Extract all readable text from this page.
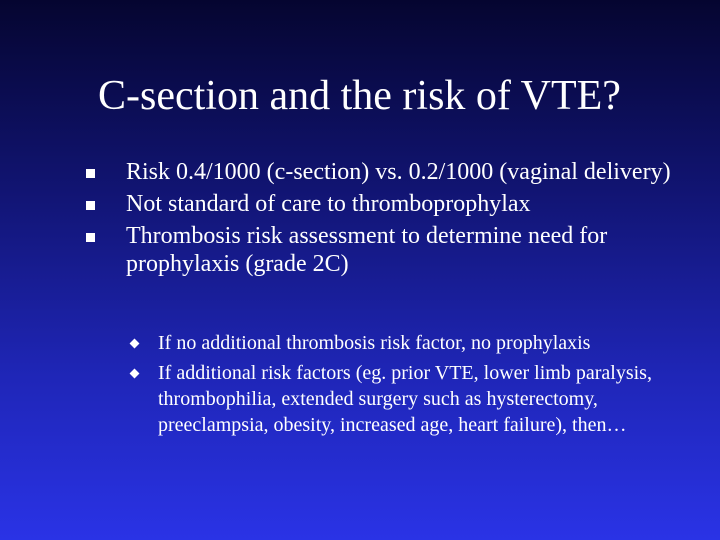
C-section and the risk of VTE?
Risk 0.4/1000 (c-section) vs. 0.2/1000 (vaginal delivery)
Not standard of care to thromboprophylax
Thrombosis risk assessment to determine need for prophylaxis (grade 2C)
If no additional thrombosis risk factor, no prophylaxis
If additional risk factors (eg. prior VTE, lower limb paralysis, thrombophilia, extended surgery such as hysterectomy, preeclampsia, obesity, increased age, heart failure), then…
